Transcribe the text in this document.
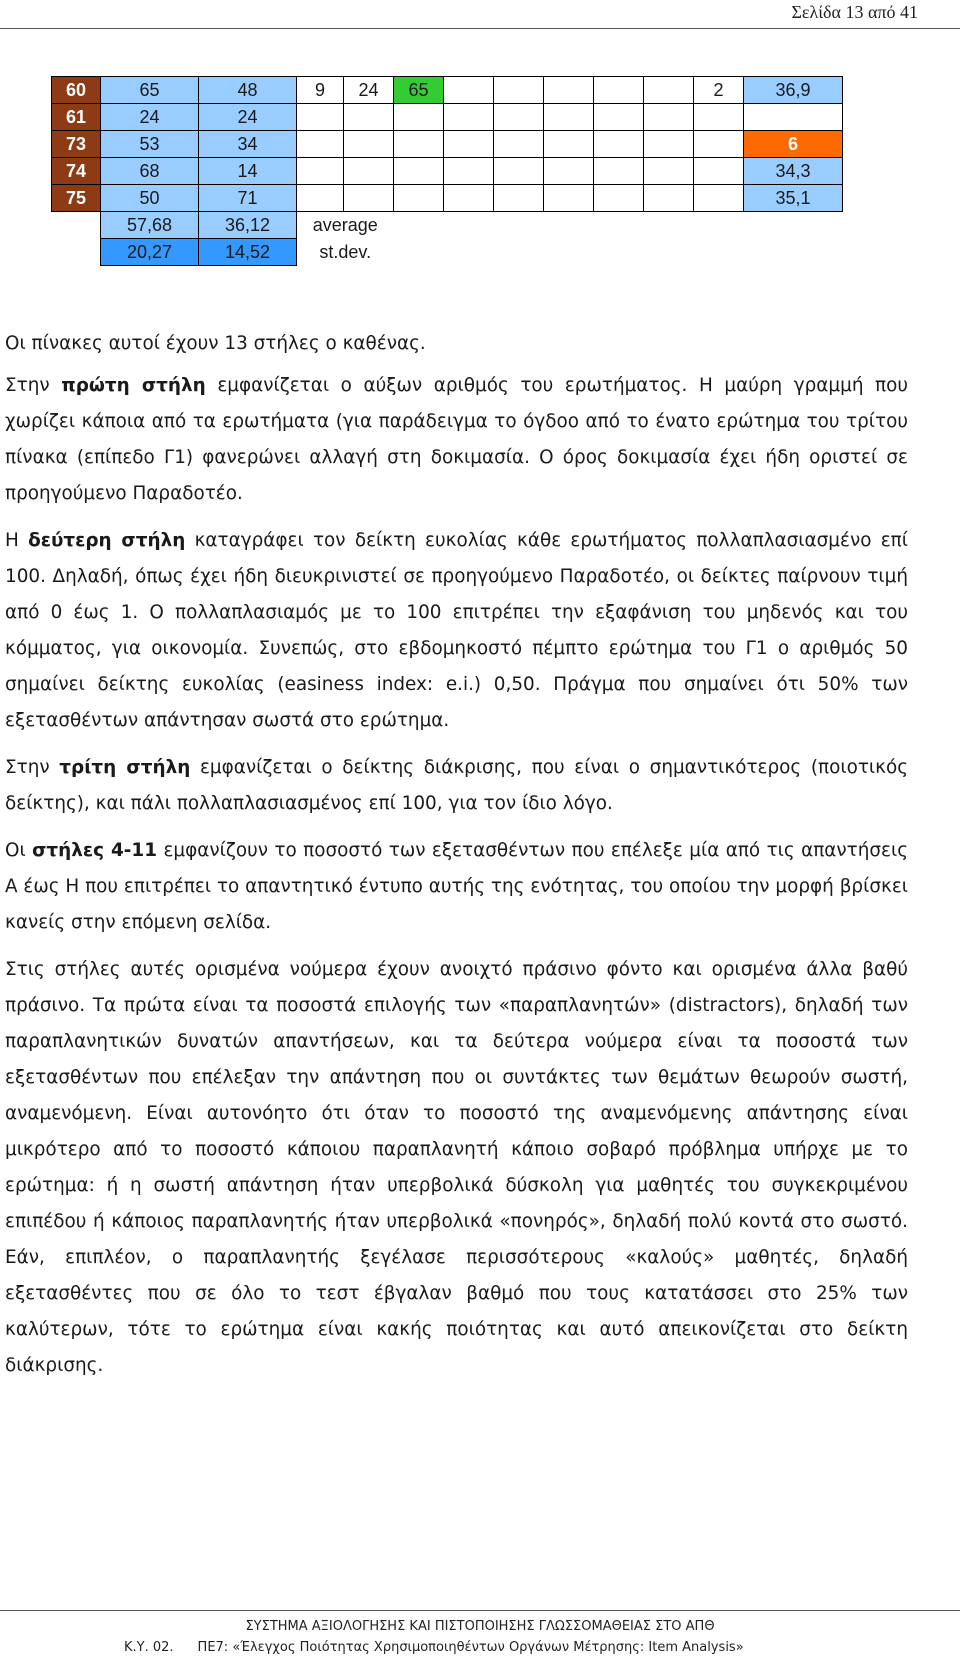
Σελίδα 13 από 41
60	65	48	9	24	65						2	36,9
61	24	24										
73	53	34										6
74	68	14										34,3
75	50	71										35,1
	57,68	36,12	average									
	20,27	14,52	st.dev.									

Οι πίνακες αυτοί έχουν 13 στήλες ο καθένας.

Στην πρώτη στήλη εμφανίζεται ο αύξων αριθμός του ερωτήματος. Η μαύρη γραμμή που χωρίζει κάποια από τα ερωτήματα (για παράδειγμα το όγδοο από το ένατο ερώτημα του τρίτου πίνακα (επίπεδο Γ1) φανερώνει αλλαγή στη δοκιμασία. Ο όρος δοκιμασία έχει ήδη οριστεί σε προηγούμενο Παραδοτέο.

Η δεύτερη στήλη καταγράφει τον δείκτη ευκολίας κάθε ερωτήματος πολλαπλασιασμένο επί 100. Δηλαδή, όπως έχει ήδη διευκρινιστεί σε προηγούμενο Παραδοτέο, οι δείκτες παίρνουν τιμή από 0 έως 1. Ο πολλαπλασιαμός με το 100 επιτρέπει την εξαφάνιση του μηδενός και του κόμματος, για οικονομία. Συνεπώς, στο εβδομηκοστό πέμπτο ερώτημα του Γ1 ο αριθμός 50 σημαίνει δείκτης ευκολίας (easiness index: e.i.) 0,50. Πράγμα που σημαίνει ότι 50% των εξετασθέντων απάντησαν σωστά στο ερώτημα.

Στην τρίτη στήλη εμφανίζεται ο δείκτης διάκρισης, που είναι ο σημαντικότερος (ποιοτικός δείκτης), και πάλι πολλαπλασιασμένος επί 100, για τον ίδιο λόγο.

Οι στήλες 4-11 εμφανίζουν το ποσοστό των εξετασθέντων που επέλεξε μία από τις απαντήσεις Α έως Η που επιτρέπει το απαντητικό έντυπο αυτής της ενότητας, του οποίου την μορφή βρίσκει κανείς στην επόμενη σελίδα.

Στις στήλες αυτές ορισμένα νούμερα έχουν ανοιχτό πράσινο φόντο και ορισμένα άλλα βαθύ πράσινο. Τα πρώτα είναι τα ποσοστά επιλογής των «παραπλανητών» (distractors), δηλαδή των παραπλανητικών δυνατών απαντήσεων, και τα δεύτερα νούμερα είναι τα ποσοστά των εξετασθέντων που επέλεξαν την απάντηση που οι συντάκτες των θεμάτων θεωρούν σωστή, αναμενόμενη. Είναι αυτονόητο ότι όταν το ποσοστό της αναμενόμενης απάντησης είναι μικρότερο από το ποσοστό κάποιου παραπλανητή κάποιο σοβαρό πρόβλημα υπήρχε με το ερώτημα: ή η σωστή απάντηση ήταν υπερβολικά δύσκολη για μαθητές του συγκεκριμένου επιπέδου ή κάποιος παραπλανητής ήταν υπερβολικά «πονηρός», δηλαδή πολύ κοντά στο σωστό. Εάν, επιπλέον, ο παραπλανητής ξεγέλασε περισσότερους «καλούς» μαθητές, δηλαδή εξετασθέντες που σε όλο το τεστ έβγαλαν βαθμό που τους κατατάσσει στο 25% των καλύτερων, τότε το ερώτημα είναι κακής ποιότητας και αυτό απεικονίζεται στο δείκτη διάκρισης.

ΣΥΣΤΗΜΑ ΑΞΙΟΛΟΓΗΣΗΣ ΚΑΙ ΠΙΣΤΟΠΟΙΗΣΗΣ ΓΛΩΣΣΟΜΑΘΕΙΑΣ ΣΤΟ ΑΠΘ
Κ.Υ. 02. ΠΕ7: «Έλεγχος Ποιότητας Χρησιμοποιηθέντων Οργάνων Μέτρησης: Item Analysis»
